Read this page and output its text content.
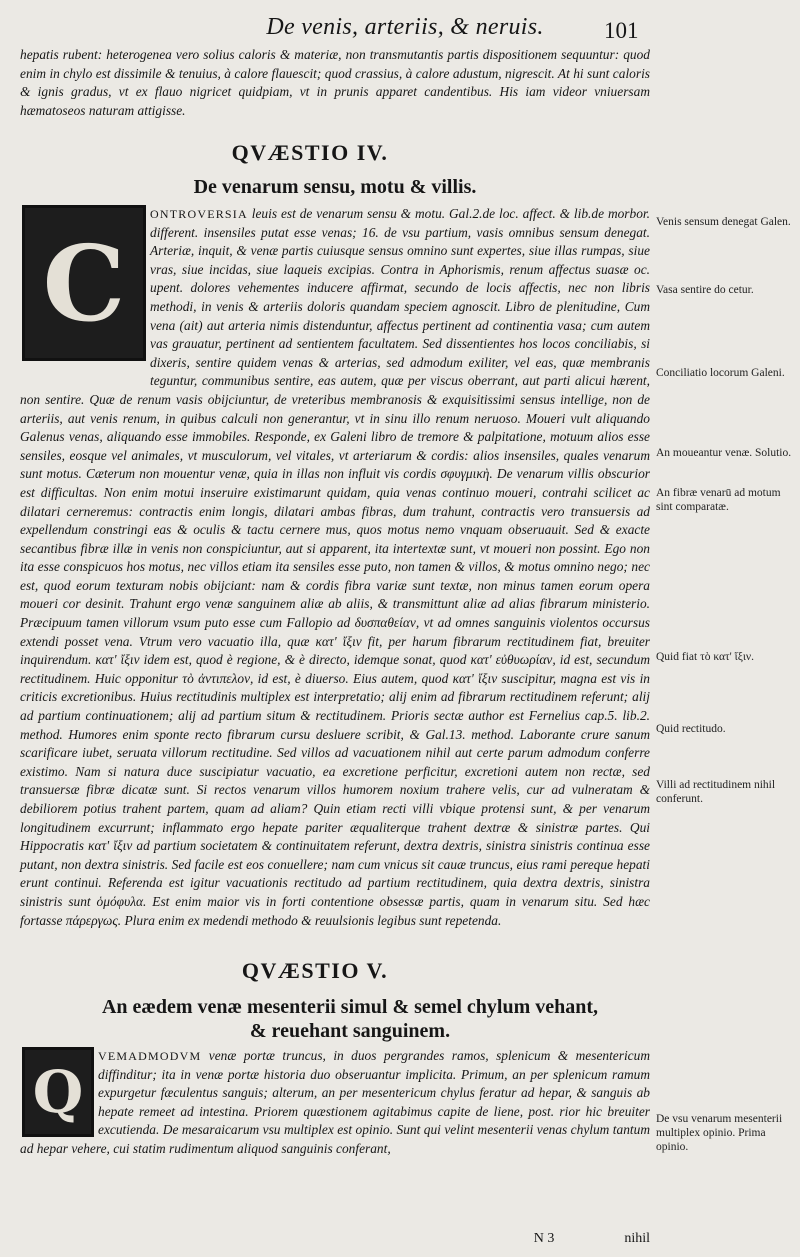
De venis, arteriis, & neruis.	101

hepatis rubent: heterogenea vero solius caloris & materiæ, non transmutantis partis dispositionem sequuntur: quod enim in chylo est dissimile & tenuius, à calore flauescit; quod crassius, à calore adustum, nigrescit. At hi sunt caloris & ignis gradus, vt ex flauo nigricet quidpiam, vt in prunis apparet candentibus. His iam videor vniuersam hæmatoseos naturam attigisse.

QVÆSTIO IV.
De venarum sensu, motu & villis.
C
ONTROVERSIA leuis est de venarum sensu & motu. Gal.2.de loc. affect. & lib.de morbor. different. insensiles putat esse venas; 16. de vsu partium, vasis omnibus sensum denegat. Arteriæ, inquit, & venæ partis cuiusque sensus omnino sunt expertes, siue illas rumpas, siue vras, siue incidas, siue laqueis excipias. Contra in Aphorismis, renum affectus suasæ oc. upent. dolores vehementes inducere affirmat, secundo de locis affectis, nec non libris methodi, in venis & arteriis doloris quandam speciem agnoscit. Libro de plenitudine, Cum vena (ait) aut arteria nimis distenduntur, affectus pertinent ad continentia vasa; cum autem vas grauatur, pertinent ad sentientem facultatem. Sed dissentientes hos locos conciliabis, si dixeris, sentire quidem venas & arterias, sed admodum exiliter, vel eas, quæ membranis teguntur, communibus sentire, eas autem, quæ per viscus oberrant, aut parti alicui hærent, non sentire. Quæ de renum vasis obijciuntur, de vreteribus membranosis & exquisitissimi sensus intellige, non de arteriis, aut venis renum, in quibus calculi non generantur, vt in sinu illo renum neruoso. Moueri vult aliquando Galenus venas, aliquando esse immobiles. Responde, ex Galeni libro de tremore & palpitatione, motuum alios esse sensiles, eosque vel animales, vt musculorum, vel vitales, vt arteriarum & cordis: alios insensiles, quales venarum sunt motus. Cæterum non mouentur venæ, quia in illas non influit vis cordis σφυγμικὴ. De venarum villis obscurior est difficultas. Non enim motui inseruire existimarunt quidam, quia venas continuo moueri, contrahi scilicet ac dilatari cerneremus: contractis enim longis, dilatari ambas fibras, dum trahunt, contractis vero transuersis ad expellendum constringi eas & oculis & tactu cernere mus, quos motus nemo vnquam obseruauit. Sed & exacte secantibus fibræ illæ in venis non conspiciuntur, aut si apparent, ita intertextæ sunt, vt moueri non possint. Ego non ita esse conspicuos hos motus, nec villos etiam ita sensiles esse puto, non tamen & villos, & motus omnino nego; nec est, quod eorum texturam nobis obijciant: nam & cordis fibra variæ sunt textæ, non minus tamen eorum opera moueri cor desinit. Trahunt ergo venæ sanguinem aliæ ab aliis, & transmittunt aliæ ad alias fibrarum ministerio. Præcipuum tamen villorum vsum puto esse cum Fallopio ad δυσπαθείαν, vt ad omnes sanguinis violentos occursus extendi posset vena. Vtrum vero vacuatio illa, quæ κατ' ἴξιν fit, per harum fibrarum rectitudinem fiat, breuiter inquirendum. κατ' ἴξιν idem est, quod è regione, & è directo, idemque sonat, quod κατ' εὐθυωρίαν, id est, secundum rectitudinem. Huic opponitur τὸ ἀντιπελον, id est, è diuerso. Eius autem, quod κατ' ἴξιν suscipitur, magna est vis in criticis excretionibus. Huius rectitudinis multiplex est interpretatio; alij enim ad fibrarum rectitudinem referunt; alij ad partium continuationem; alij ad partium situm & rectitudinem. Prioris sectæ author est Fernelius cap.5. lib.2. method. Humores enim sponte recto fibrarum cursu desluere scribit, & Gal.13. method. Laborante crure sanum scarificare iubet, seruata villorum rectitudine. Sed villos ad vacuationem nihil aut certe parum admodum conferre existimo. Nam si natura duce suscipiatur vacuatio, ea excretione perficitur, excretioni autem non rectæ, sed transuersæ fibræ dicatæ sunt. Si rectos venarum villos humorem noxium trahere velis, cur ad vulneratam & debiliorem potius trahent partem, quam ad aliam? Quin etiam recti villi vbique protensi sunt, & per venarum longitudinem excurrunt; inflammato ergo hepate pariter æqualiterque trahent dextræ & sinistræ partes. Qui Hippocratis κατ' ἴξιν ad partium societatem & continuitatem referunt, dextra dextris, sinistra sinistris continua esse putant, non dextra sinistris. Sed facile est eos conuellere; nam cum vnicus sit cauæ truncus, eius rami pereque hepati erunt continui. Referenda est igitur vacuationis rectitudo ad partium rectitudinem, quia dextra dextris, sinistra sinistris sunt ὁμόφυλα. Est enim maior vis in forti contentione obsessæ partis, quam in venarum situ. Sed hæc fortasse πάρεργως. Plura enim ex medendi methodo & reuulsionis legibus sunt repetenda.
Venis sensum denegat Galen.
Vasa sentire do cetur.
Conciliatio locorum Galeni.
An moueantur venæ. Solutio.
An fibræ venarū ad motum sint comparatæ.
Quid fiat τὸ κατ' ἴξιν.
Quid rectitudo.
Villi ad rectitudinem nihil conferunt.
De vsu venarum mesenterii multiplex opinio. Prima opinio.
QVÆSTIO V.
An eædem venæ mesenterii simul & semel chylum vehant,
& reuehant sanguinem.
Q
VEMADMODVM venæ portæ truncus, in duos pergrandes ramos, splenicum & mesentericum diffinditur; ita in venæ portæ historia duo obseruantur implicita. Primum, an per splenicum ramum expurgetur fæculentus sanguis; alterum, an per mesentericum chylus feratur ad hepar, & sanguis ab hepate remeet ad intestina. Priorem quæstionem agitabimus capite de liene, post. rior hic breuiter excutienda. De mesaraicarum vsu multiplex est opinio. Sunt qui velint mesenterii venas chylum tantum ad hepar vehere, cui statim rudimentum aliquod sanguinis conferant,
N 3	nihil
